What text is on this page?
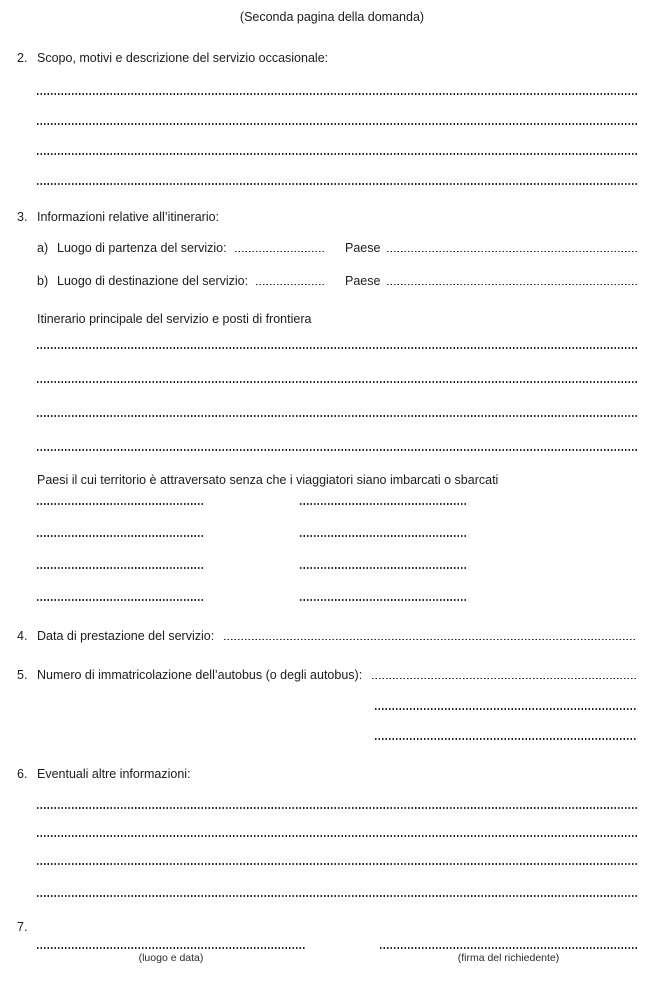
(Seconda pagina della domanda)
2. Scopo, motivi e descrizione del servizio occasionale:
3. Informazioni relative all’itinerario:
a) Luogo di partenza del servizio:	Paese
b) Luogo di destinazione del servizio:	Paese
Itinerario principale del servizio e posti di frontiera
Paesi il cui territorio è attraversato senza che i viaggiatori siano imbarcati o sbarcati
4. Data di prestazione del servizio:
5. Numero di immatricolazione dell’autobus (o degli autobus):
6. Eventuali altre informazioni:
7.
(luogo e data)	(firma del richiedente)
